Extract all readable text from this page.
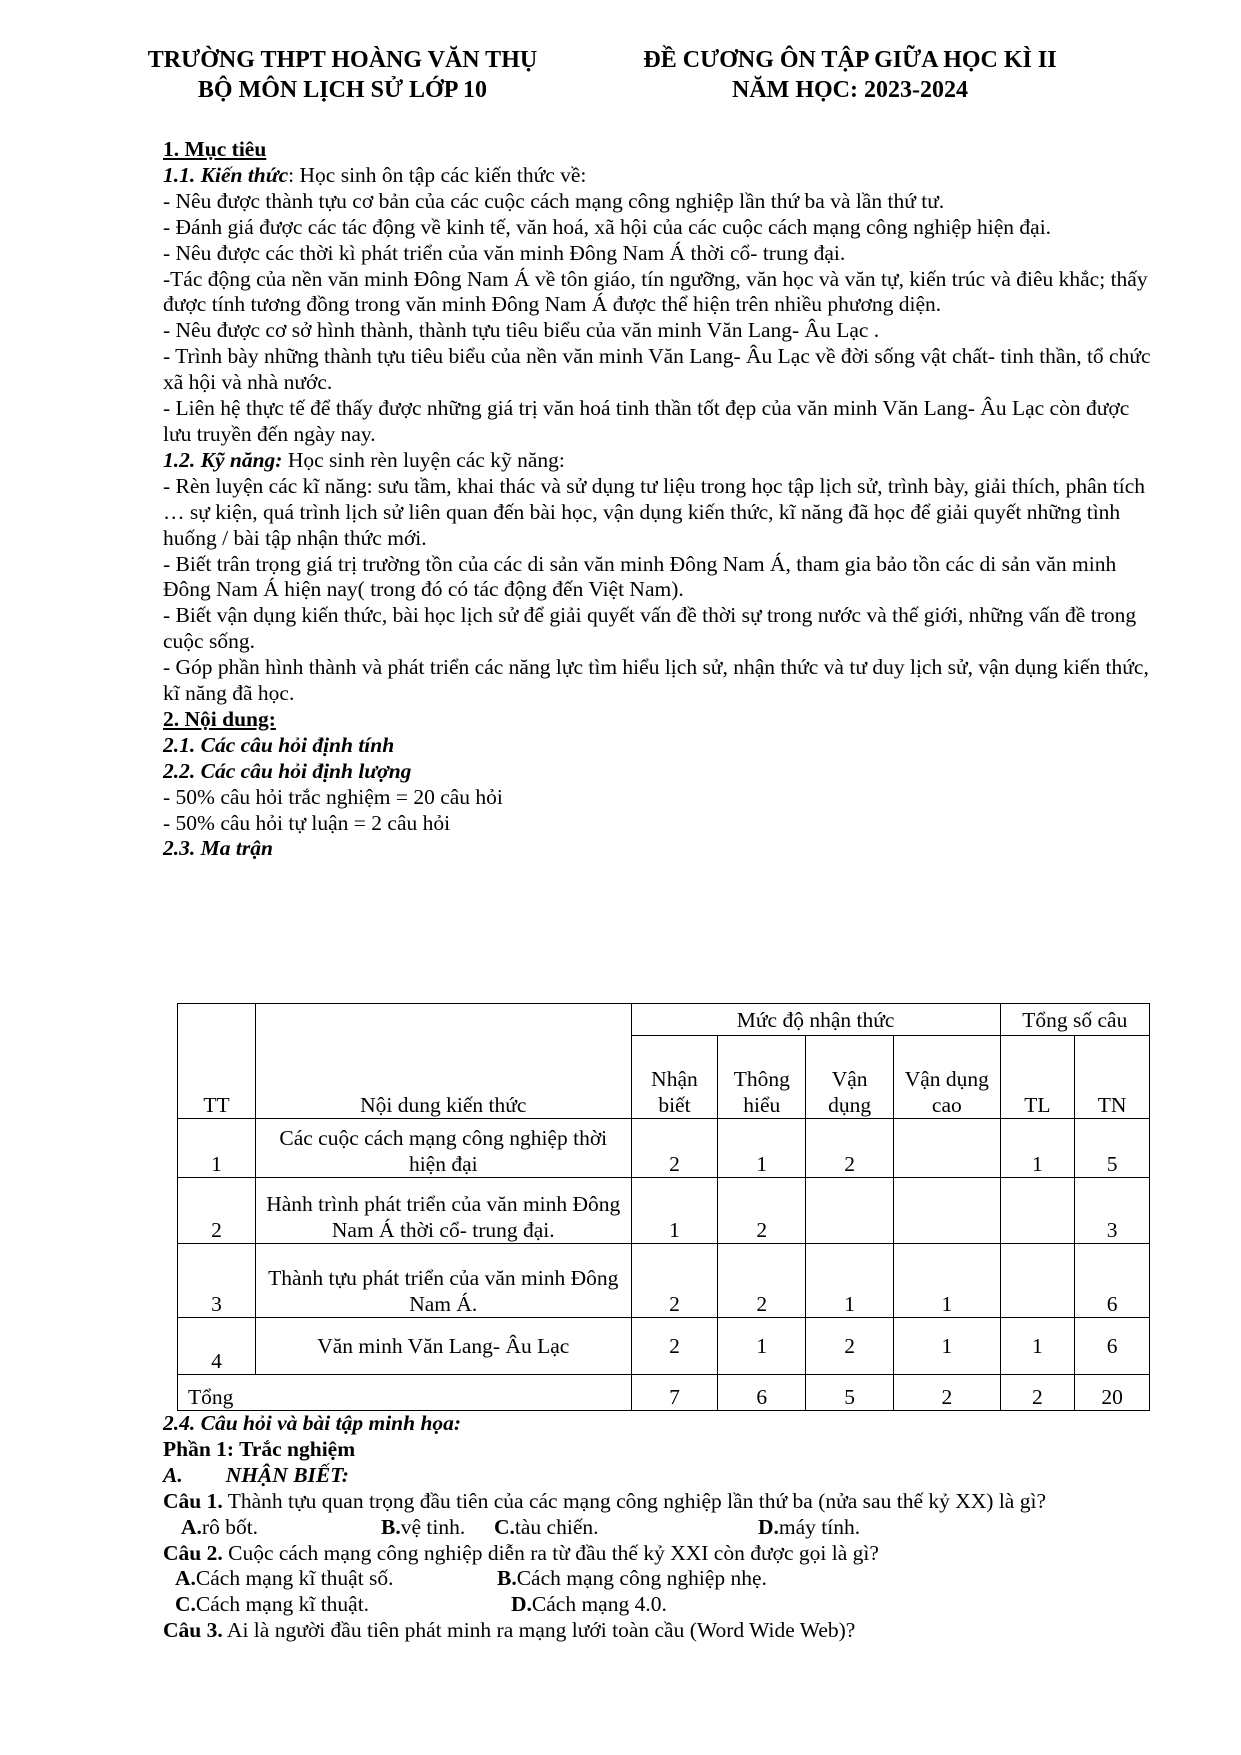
TRƯỜNG THPT HOÀNG VĂN THỤ
BỘ MÔN LỊCH SỬ LỚP 10
ĐỀ CƯƠNG ÔN TẬP GIỮA HỌC KÌ II
NĂM HỌC: 2023-2024

1. Mục tiêu

1.1. Kiến thức: Học sinh ôn tập các kiến thức về:

- Nêu được thành tựu cơ bản của các cuộc cách mạng công nghiệp lần thứ ba và lần thứ tư.

- Đánh giá được các tác động về kinh tế, văn hoá, xã hội của các cuộc cách mạng công nghiệp hiện đại.

- Nêu được các thời kì phát triển của văn minh Đông Nam Á thời cổ- trung đại.

-Tác động của nền văn minh Đông Nam Á về tôn giáo, tín ngưỡng, văn học và văn tự, kiến trúc và điêu khắc; thấy được tính tương đồng trong văn minh Đông Nam Á được thể hiện trên nhiều phương diện.

- Nêu được cơ sở hình thành, thành tựu tiêu biểu của văn minh Văn Lang- Âu Lạc .

- Trình bày những thành tựu tiêu biểu của nền văn minh Văn Lang- Âu Lạc về đời sống vật chất- tinh thần, tổ chức xã hội và nhà nước.

- Liên hệ thực tế để thấy được những giá trị văn hoá tinh thần tốt đẹp của văn minh Văn Lang- Âu Lạc còn được lưu truyền đến ngày nay.

1.2. Kỹ năng: Học sinh rèn luyện các kỹ năng:

- Rèn luyện các kĩ năng: sưu tầm, khai thác và sử dụng tư liệu trong học tập lịch sử, trình bày, giải thích, phân tích … sự kiện, quá trình lịch sử liên quan đến bài học, vận dụng kiến thức, kĩ năng đã học để giải quyết những tình huống / bài tập nhận thức mới.

- Biết trân trọng giá trị trường tồn của các di sản văn minh Đông Nam Á, tham gia bảo tồn các di sản văn minh Đông Nam Á hiện nay( trong đó có tác động đến Việt Nam).

- Biết vận dụng kiến thức, bài học lịch sử để giải quyết vấn đề thời sự trong nước và thế giới, những vấn đề trong cuộc sống.

- Góp phần hình thành và phát triển các năng lực tìm hiểu lịch sử, nhận thức và tư duy lịch sử, vận dụng kiến thức, kĩ năng đã học.

2. Nội dung:

2.1. Các câu hỏi định tính

2.2. Các câu hỏi định lượng

- 50% câu hỏi trắc nghiệm = 20 câu hỏi

- 50% câu hỏi tự luận = 2 câu hỏi

2.3. Ma trận

TT	Nội dung kiến thức	Mức độ nhận thức				Tổng số câu	
		Nhận biết	Thông hiểu	Vận dụng	Vận dụng cao	TL	TN
1	Các cuộc cách mạng công nghiệp thời hiện đại	2	1	2		1	5
2	Hành trình phát triển của văn minh Đông Nam Á thời cổ- trung đại.	1	2				3
3	Thành tựu phát triển của văn minh Đông Nam Á.	2	2	1	1		6
4	Văn minh Văn Lang- Âu Lạc	2	1	2	1	1	6
Tổng		7	6	5	2	2	20

2.4. Câu hỏi và bài tập minh họa:

Phần 1: Trắc nghiệm

A.        NHẬN BIẾT:

Câu 1. Thành tựu quan trọng đầu tiên của các mạng công nghiệp lần thứ ba (nửa sau thế kỷ XX) là gì?

A.rô bốt.	B.vệ tinh.	C.tàu chiến.	D.máy tính.

Câu 2. Cuộc cách mạng công nghiệp diễn ra từ đầu thế kỷ XXI còn được gọi là gì?

A.Cách mạng kĩ thuật số.	B.Cách mạng công nghiệp nhẹ.

C.Cách mạng kĩ thuật.	D.Cách mạng 4.0.

Câu 3. Ai là người đầu tiên phát minh ra mạng lưới toàn cầu (Word Wide Web)?
